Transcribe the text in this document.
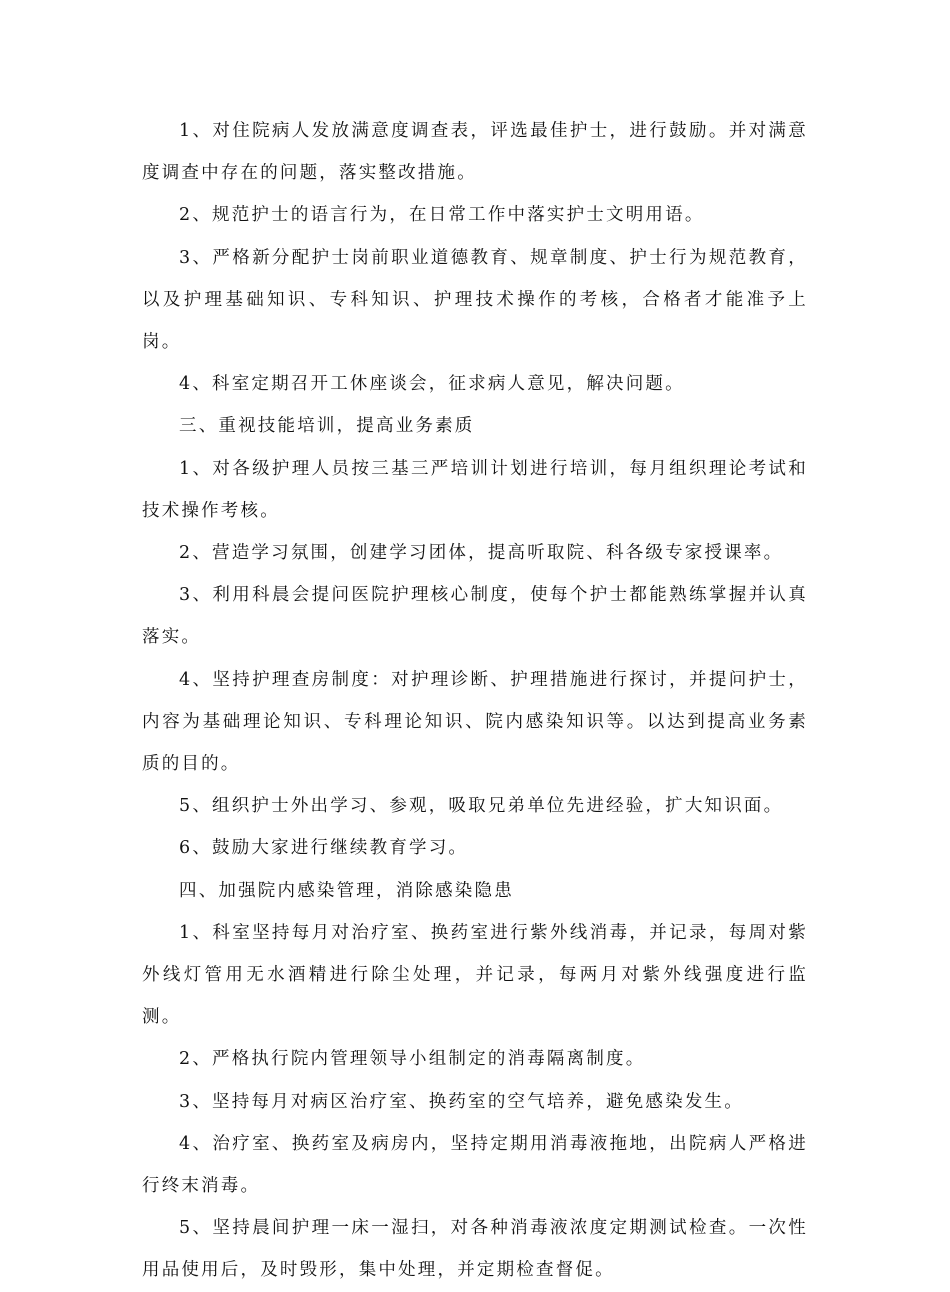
1、对住院病人发放满意度调查表，评选最佳护士，进行鼓励。并对满意度调查中存在的问题，落实整改措施。

2、规范护士的语言行为，在日常工作中落实护士文明用语。

3、严格新分配护士岗前职业道德教育、规章制度、护士行为规范教育，以及护理基础知识、专科知识、护理技术操作的考核，合格者才能准予上岗。

4、科室定期召开工休座谈会，征求病人意见，解决问题。

三、重视技能培训，提高业务素质

1、对各级护理人员按三基三严培训计划进行培训，每月组织理论考试和技术操作考核。

2、营造学习氛围，创建学习团体，提高听取院、科各级专家授课率。

3、利用科晨会提问医院护理核心制度，使每个护士都能熟练掌握并认真落实。

4、坚持护理查房制度：对护理诊断、护理措施进行探讨，并提问护士，内容为基础理论知识、专科理论知识、院内感染知识等。以达到提高业务素质的目的。

5、组织护士外出学习、参观，吸取兄弟单位先进经验，扩大知识面。

6、鼓励大家进行继续教育学习。

四、加强院内感染管理，消除感染隐患

1、科室坚持每月对治疗室、换药室进行紫外线消毒，并记录，每周对紫外线灯管用无水酒精进行除尘处理，并记录，每两月对紫外线强度进行监测。

2、严格执行院内管理领导小组制定的消毒隔离制度。

3、坚持每月对病区治疗室、换药室的空气培养，避免感染发生。

4、治疗室、换药室及病房内，坚持定期用消毒液拖地，出院病人严格进行终末消毒。

5、坚持晨间护理一床一湿扫，对各种消毒液浓度定期测试检查。一次性用品使用后，及时毁形，集中处理，并定期检查督促。
